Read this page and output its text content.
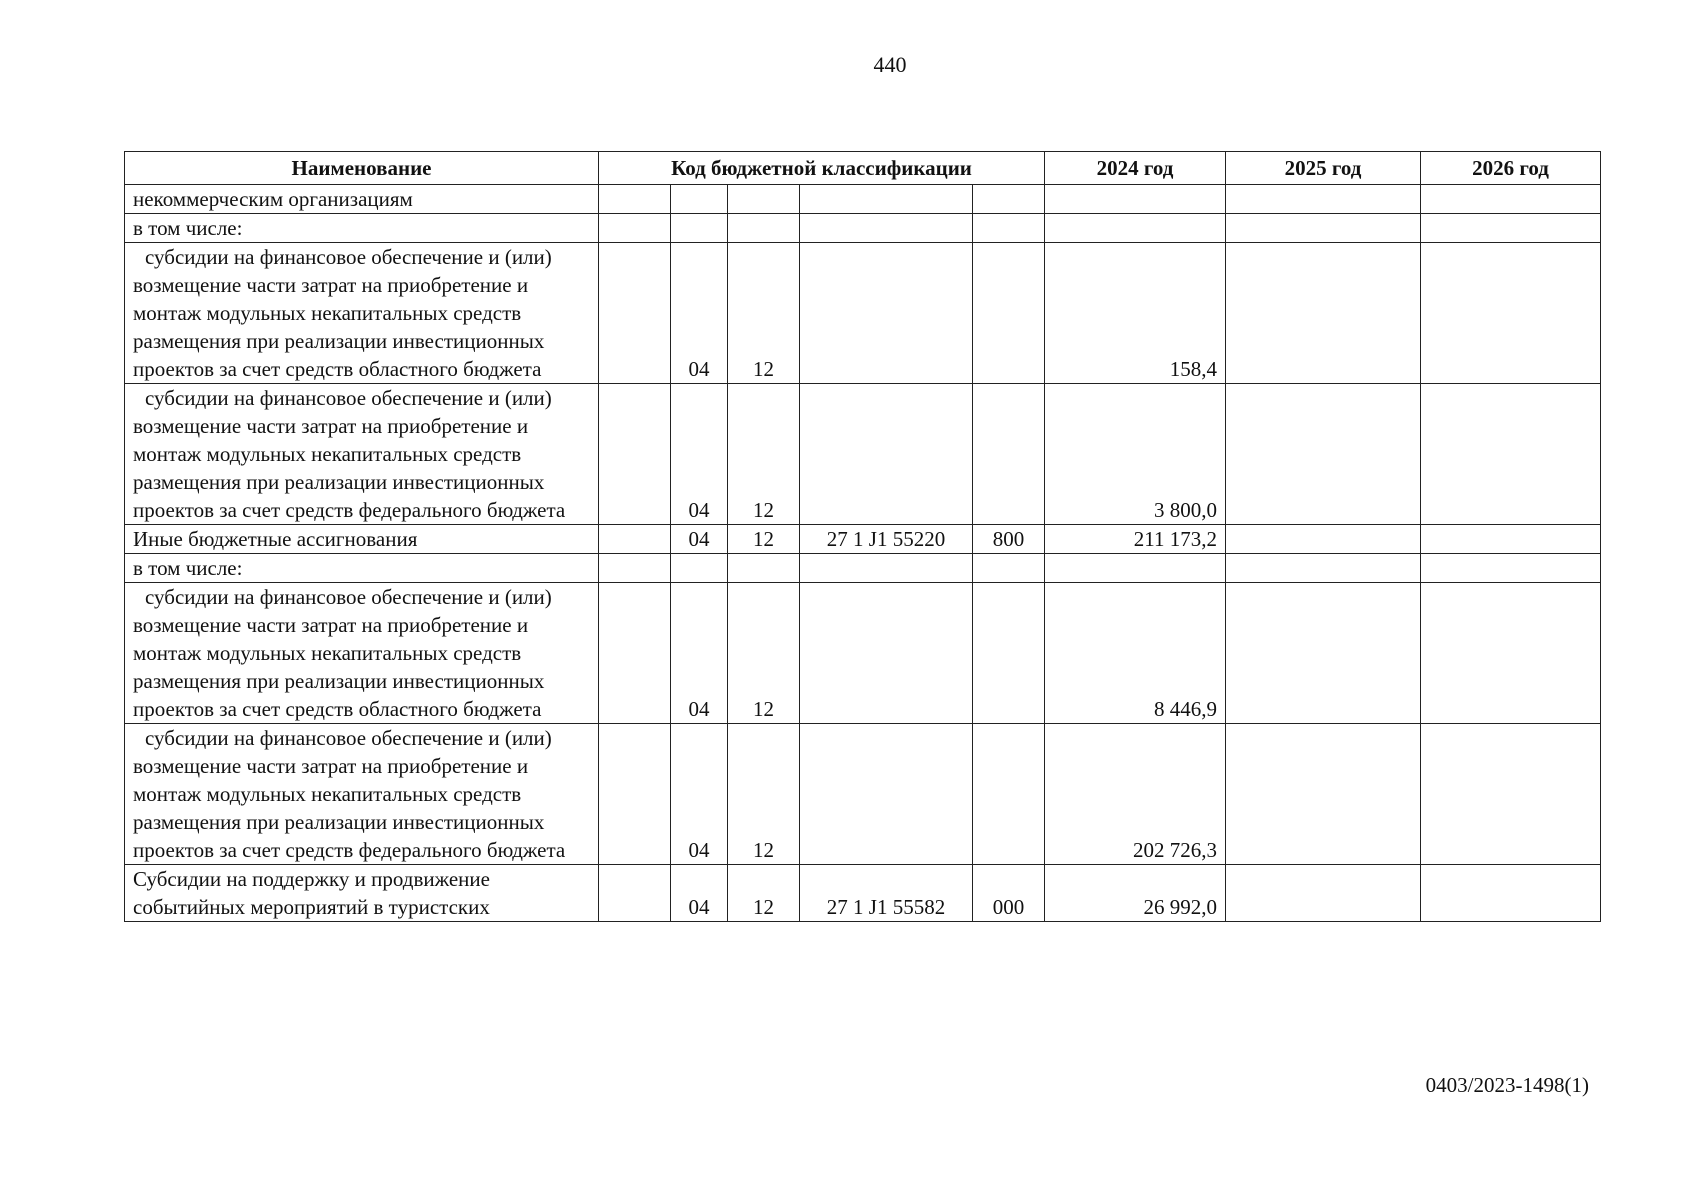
440
Наименование	Код бюджетной классификации					2024 год	2025 год	2026 год
некоммерческим организациям								
в том числе:								
субсидии на финансовое обеспечение и (или) возмещение части затрат на приобретение и монтаж модульных некапитальных средств размещения при реализации инвестиционных проектов за счет средств областного бюджета		04	12			158,4		
субсидии на финансовое обеспечение и (или) возмещение части затрат на приобретение и монтаж модульных некапитальных средств размещения при реализации инвестиционных проектов за счет средств федерального бюджета		04	12			3 800,0		
Иные бюджетные ассигнования		04	12	27 1 J1 55220	800	211 173,2		
в том числе:								
субсидии на финансовое обеспечение и (или) возмещение части затрат на приобретение и монтаж модульных некапитальных средств размещения при реализации инвестиционных проектов за счет средств областного бюджета		04	12			8 446,9		
субсидии на финансовое обеспечение и (или) возмещение части затрат на приобретение и монтаж модульных некапитальных средств размещения при реализации инвестиционных проектов за счет средств федерального бюджета		04	12			202 726,3		
Субсидии на поддержку и продвижение событийных мероприятий в туристских		04	12	27 1 J1 55582	000	26 992,0		
0403/2023-1498(1)
